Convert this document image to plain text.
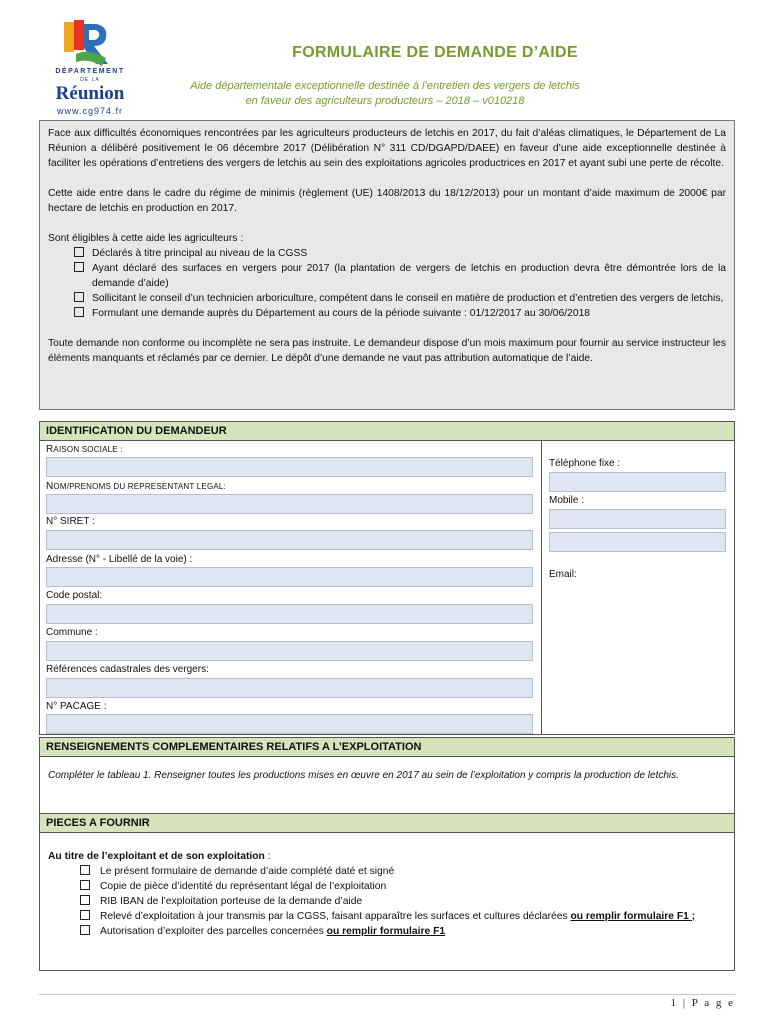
DÉPARTEMENT
DE LA
Réunion
www.cg974.fr
FORMULAIRE DE DEMANDE D’AIDE
Aide départementale exceptionnelle destinée à l’entretien des vergers de letchis
en faveur des agriculteurs producteurs – 2018 – v010218

Face aux difficultés économiques rencontrées par les agriculteurs producteurs de letchis en 2017, du fait d’aléas climatiques, le Département de La Réunion a délibéré positivement le 06 décembre 2017 (Délibération N° 311 CD/DGAPD/DAEE) en faveur d’une aide exceptionnelle destinée à faciliter les opérations d’entretiens des vergers de letchis au sein des exploitations agricoles productrices en 2017 et ayant subi une perte de récolte.

Cette aide entre dans le cadre du régime de minimis (règlement (UE) 1408/2013 du 18/12/2013) pour un montant d’aide maximum de 2000€ par hectare de letchis en production en 2017.

Sont éligibles à cette aide les agriculteurs :
Déclarés à titre principal au niveau de la CGSS
Ayant déclaré des surfaces en vergers pour 2017 (la plantation de vergers de letchis en production devra être démontrée lors de la demande d’aide)
Sollicitant le conseil d’un technicien arboriculture, compétent dans le conseil en matière de production et d’entretien des vergers de letchis,
Formulant une demande auprès du Département au cours de la période suivante : 01/12/2017 au 30/06/2018

Toute demande non conforme ou incomplète ne sera pas instruite. Le demandeur dispose d’un mois maximum pour fournir au service instructeur les éléments manquants et réclamés par ce dernier. Le dépôt d’une demande ne vaut pas attribution automatique de l’aide.

IDENTIFICATION DU DEMANDEUR
RAISON SOCIALE :
NOM/PRENOMS DU REPRESENTANT LEGAL:
N° SIRET :
Adresse (N° - Libellé de la voie) :
Code postal:
Commune :
Références cadastrales des vergers:
N° PACAGE :
Téléphone fixe :
Mobile :
Email:
RENSEIGNEMENTS COMPLEMENTAIRES RELATIFS A L’EXPLOITATION
Compléter le tableau 1. Renseigner toutes les productions mises en œuvre en 2017 au sein de l’exploitation y compris la production de letchis.
PIECES A FOURNIR
Au titre de l’exploitant et de son exploitation :
Le présent formulaire de demande d’aide complété daté et signé
Copie de pièce d’identité du représentant légal de l’exploitation
RIB IBAN de l’exploitation porteuse de la demande d’aide
Relevé d’exploitation à jour transmis par la CGSS, faisant apparaître les surfaces et cultures déclarées ou remplir formulaire F1 ;
Autorisation d’exploiter des parcelles concernées ou remplir formulaire F1
1 | P a g e
